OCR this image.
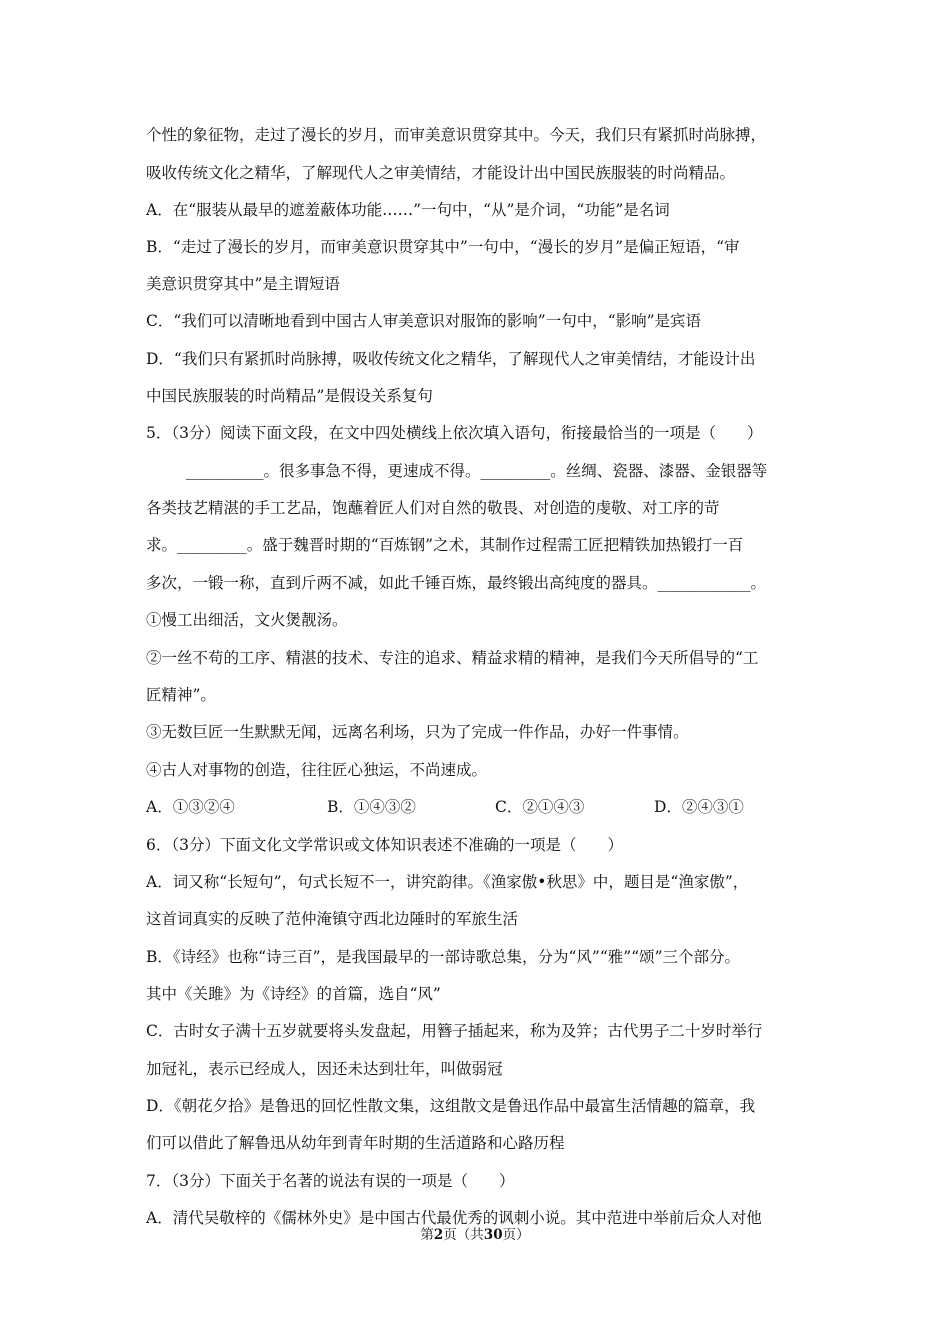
个性的象征物，走过了漫长的岁月，而审美意识贯穿其中。今天，我们只有紧抓时尚脉搏，
吸收传统文化之精华，了解现代人之审美情结，才能设计出中国民族服装的时尚精品。
A．在“服装从最早的遮羞蔽体功能……”一句中，“从”是介词，“功能”是名词
B．“走过了漫长的岁月，而审美意识贯穿其中”一句中，“漫长的岁月”是偏正短语，“审
美意识贯穿其中”是主谓短语
C．“我们可以清晰地看到中国古人审美意识对服饰的影响”一句中，“影响”是宾语
D．“我们只有紧抓时尚脉搏，吸收传统文化之精华，了解现代人之审美情结，才能设计出
中国民族服装的时尚精品”是假设关系复句
5．（3分）阅读下面文段，在文中四处横线上依次填入语句，衔接最恰当的一项是（　　）
__________。很多事急不得，更速成不得。_________。丝绸、瓷器、漆器、金银器等
各类技艺精湛的手工艺品，饱蘸着匠人们对自然的敬畏、对创造的虔敬、对工序的苛
求。_________。盛于魏晋时期的“百炼钢”之术，其制作过程需工匠把精铁加热锻打一百
多次，一锻一称，直到斤两不减，如此千锤百炼，最终锻出高纯度的器具。____________。
①慢工出细活，文火煲靓汤。
②一丝不苟的工序、精湛的技术、专注的追求、精益求精的精神，是我们今天所倡导的“工
匠精神”。
③无数巨匠一生默默无闻，远离名利场，只为了完成一件作品，办好一件事情。
④古人对事物的创造，往往匠心独运，不尚速成。
A．①③②④	B．①④③②	C．②①④③	D．②④③①
6．（3分）下面文化文学常识或文体知识表述不准确的一项是（　　）
A．词又称“长短句”，句式长短不一，讲究韵律。《渔家傲•秋思》中，题目是“渔家傲”，
这首词真实的反映了范仲淹镇守西北边陲时的军旅生活
B．《诗经》也称“诗三百”，是我国最早的一部诗歌总集，分为“风”“雅”“颂”三个部分。
其中《关雎》为《诗经》的首篇，选自“风”
C．古时女子满十五岁就要将头发盘起，用簪子插起来，称为及笄；古代男子二十岁时举行
加冠礼，表示已经成人，因还未达到壮年，叫做弱冠
D．《朝花夕拾》是鲁迅的回忆性散文集，这组散文是鲁迅作品中最富生活情趣的篇章，我
们可以借此了解鲁迅从幼年到青年时期的生活道路和心路历程
7．（3分）下面关于名著的说法有误的一项是（　　）
A．清代吴敬梓的《儒林外史》是中国古代最优秀的讽刺小说。其中范进中举前后众人对他
第2页（共30页）
